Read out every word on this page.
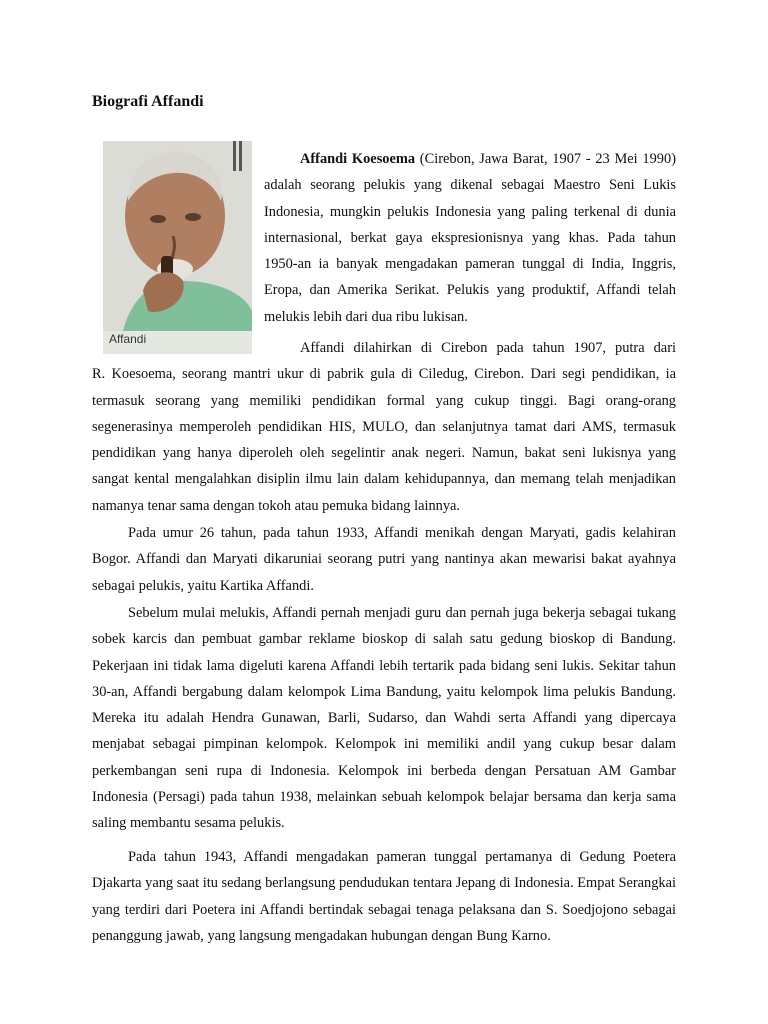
Biografi Affandi
Affandi

Affandi Koesoema (Cirebon, Jawa Barat, 1907 - 23 Mei 1990) adalah seorang pelukis yang dikenal sebagai Maestro Seni Lukis Indonesia, mungkin pelukis Indonesia yang paling terkenal di dunia internasional, berkat gaya ekspresionisnya yang khas. Pada tahun 1950-an ia banyak mengadakan pameran tunggal di India, Inggris, Eropa, dan Amerika Serikat. Pelukis yang produktif, Affandi telah melukis lebih dari dua ribu lukisan.

Affandi dilahirkan di Cirebon pada tahun 1907, putra dari
R. Koesoema, seorang mantri ukur di pabrik gula di Ciledug, Cirebon. Dari segi pendidikan, ia termasuk seorang yang memiliki pendidikan formal yang cukup tinggi. Bagi orang-orang segenerasinya memperoleh pendidikan HIS, MULO, dan selanjutnya tamat dari AMS, termasuk pendidikan yang hanya diperoleh oleh segelintir anak negeri. Namun, bakat seni lukisnya yang sangat kental mengalahkan disiplin ilmu lain dalam kehidupannya, dan memang telah menjadikan namanya tenar sama dengan tokoh atau pemuka bidang lainnya.

Pada umur 26 tahun, pada tahun 1933, Affandi menikah dengan Maryati, gadis kelahiran Bogor. Affandi dan Maryati dikaruniai seorang putri yang nantinya akan mewarisi bakat ayahnya sebagai pelukis, yaitu Kartika Affandi.

Sebelum mulai melukis, Affandi pernah menjadi guru dan pernah juga bekerja sebagai tukang sobek karcis dan pembuat gambar reklame bioskop di salah satu gedung bioskop di Bandung. Pekerjaan ini tidak lama digeluti karena Affandi lebih tertarik pada bidang seni lukis. Sekitar tahun 30-an, Affandi bergabung dalam kelompok Lima Bandung, yaitu kelompok lima pelukis Bandung. Mereka itu adalah Hendra Gunawan, Barli, Sudarso, dan Wahdi serta Affandi yang dipercaya menjabat sebagai pimpinan kelompok. Kelompok ini memiliki andil yang cukup besar dalam perkembangan seni rupa di Indonesia. Kelompok ini berbeda dengan Persatuan AM Gambar Indonesia (Persagi) pada tahun 1938, melainkan sebuah kelompok belajar bersama dan kerja sama saling membantu sesama pelukis.

Pada tahun 1943, Affandi mengadakan pameran tunggal pertamanya di Gedung Poetera Djakarta yang saat itu sedang berlangsung pendudukan tentara Jepang di Indonesia. Empat Serangkai yang terdiri dari Poetera ini Affandi bertindak sebagai tenaga pelaksana dan S. Soedjojono sebagai penanggung jawab, yang langsung mengadakan hubungan dengan Bung Karno.
